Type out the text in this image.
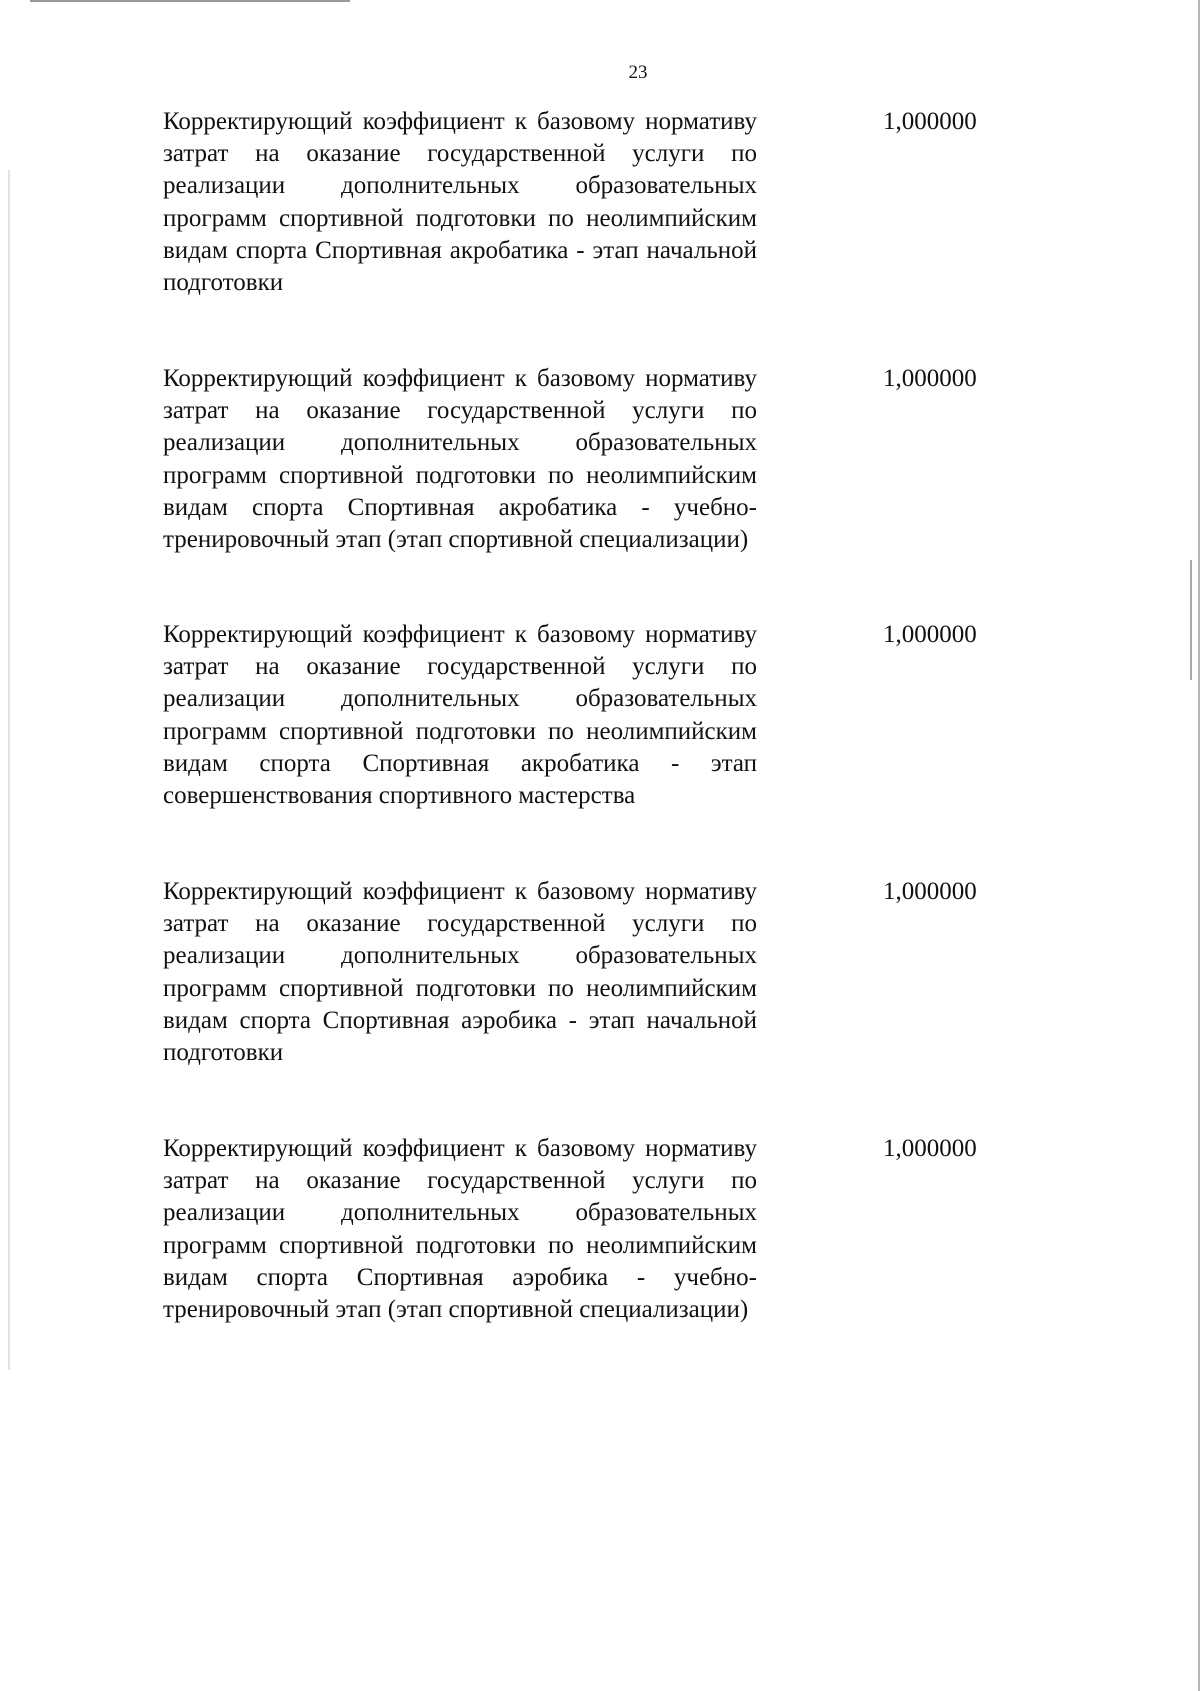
23
Корректирующий коэффициент к базовому нормативу затрат на оказание государственной услуги по реализации дополнительных образовательных программ спортивной подготовки по неолимпийским видам спорта Спортивная акробатика - этап начальной подготовки
1,000000
Корректирующий коэффициент к базовому нормативу затрат на оказание государственной услуги по реализации дополнительных образовательных программ спортивной подготовки по неолимпийским видам спорта Спортивная акробатика - учебно-тренировочный этап (этап спортивной специализации)
1,000000
Корректирующий коэффициент к базовому нормативу затрат на оказание государственной услуги по реализации дополнительных образовательных программ спортивной подготовки по неолимпийским видам спорта Спортивная акробатика - этап совершенствования спортивного мастерства
1,000000
Корректирующий коэффициент к базовому нормативу затрат на оказание государственной услуги по реализации дополнительных образовательных программ спортивной подготовки по неолимпийским видам спорта Спортивная аэробика - этап начальной подготовки
1,000000
Корректирующий коэффициент к базовому нормативу затрат на оказание государственной услуги по реализации дополнительных образовательных программ спортивной подготовки по неолимпийским видам спорта Спортивная аэробика - учебно-тренировочный этап (этап спортивной специализации)
1,000000
